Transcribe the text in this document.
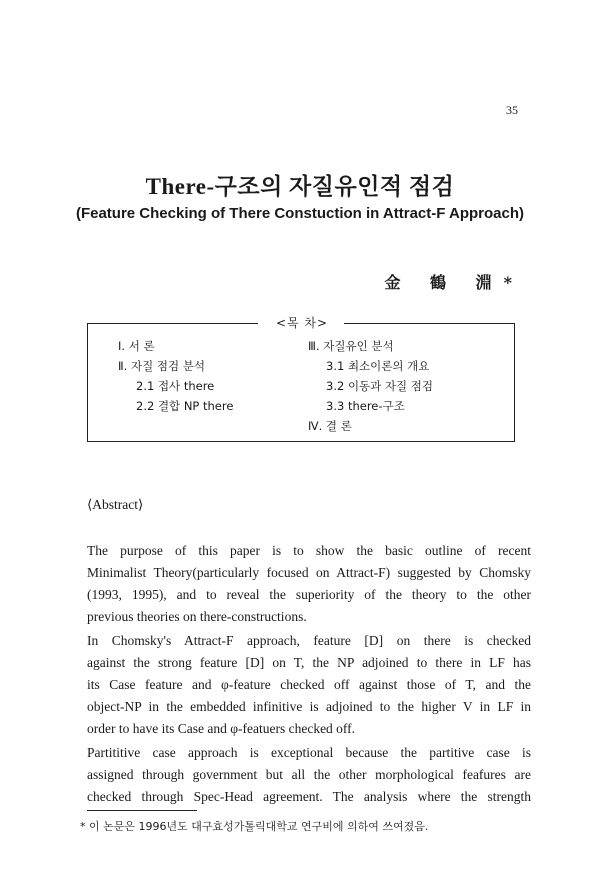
35
There-구조의 자질유인적 점검
(Feature Checking of There Constuction in Attract-F Approach)
金 鶴 淵*
<목 차>
Ⅰ. 서 론
Ⅱ. 자질 점검 분석
2.1 접사 there
2.2 결합 NP there
Ⅲ. 자질유인 분석
3.1 최소이론의 개요
3.2 이동과 자질 점검
3.3 there-구조
Ⅳ. 결 론
⟨Abstract⟩

The purpose of this paper is to show the basic outline of recent
Minimalist Theory(particularly focused on Attract-F) suggested by Chomsky
(1993, 1995), and to reveal the superiority of the theory to the other
previous theories on there-constructions.

In Chomsky's Attract-F approach, feature [D] on there is checked
against the strong feature [D] on T, the NP adjoined to there in LF has
its Case feature and φ-feature checked off against those of T, and the
object-NP in the embedded infinitive is adjoined to the higher V in LF in
order to have its Case and φ-featuers checked off.

Partititive case approach is exceptional because the partitive case is
assigned through government but all the other morphological feafures are
checked through Spec-Head agreement. The analysis where the strength

* 이 논문은 1996년도 대구효성가톨릭대학교 연구비에 의하여 쓰여졌음.
